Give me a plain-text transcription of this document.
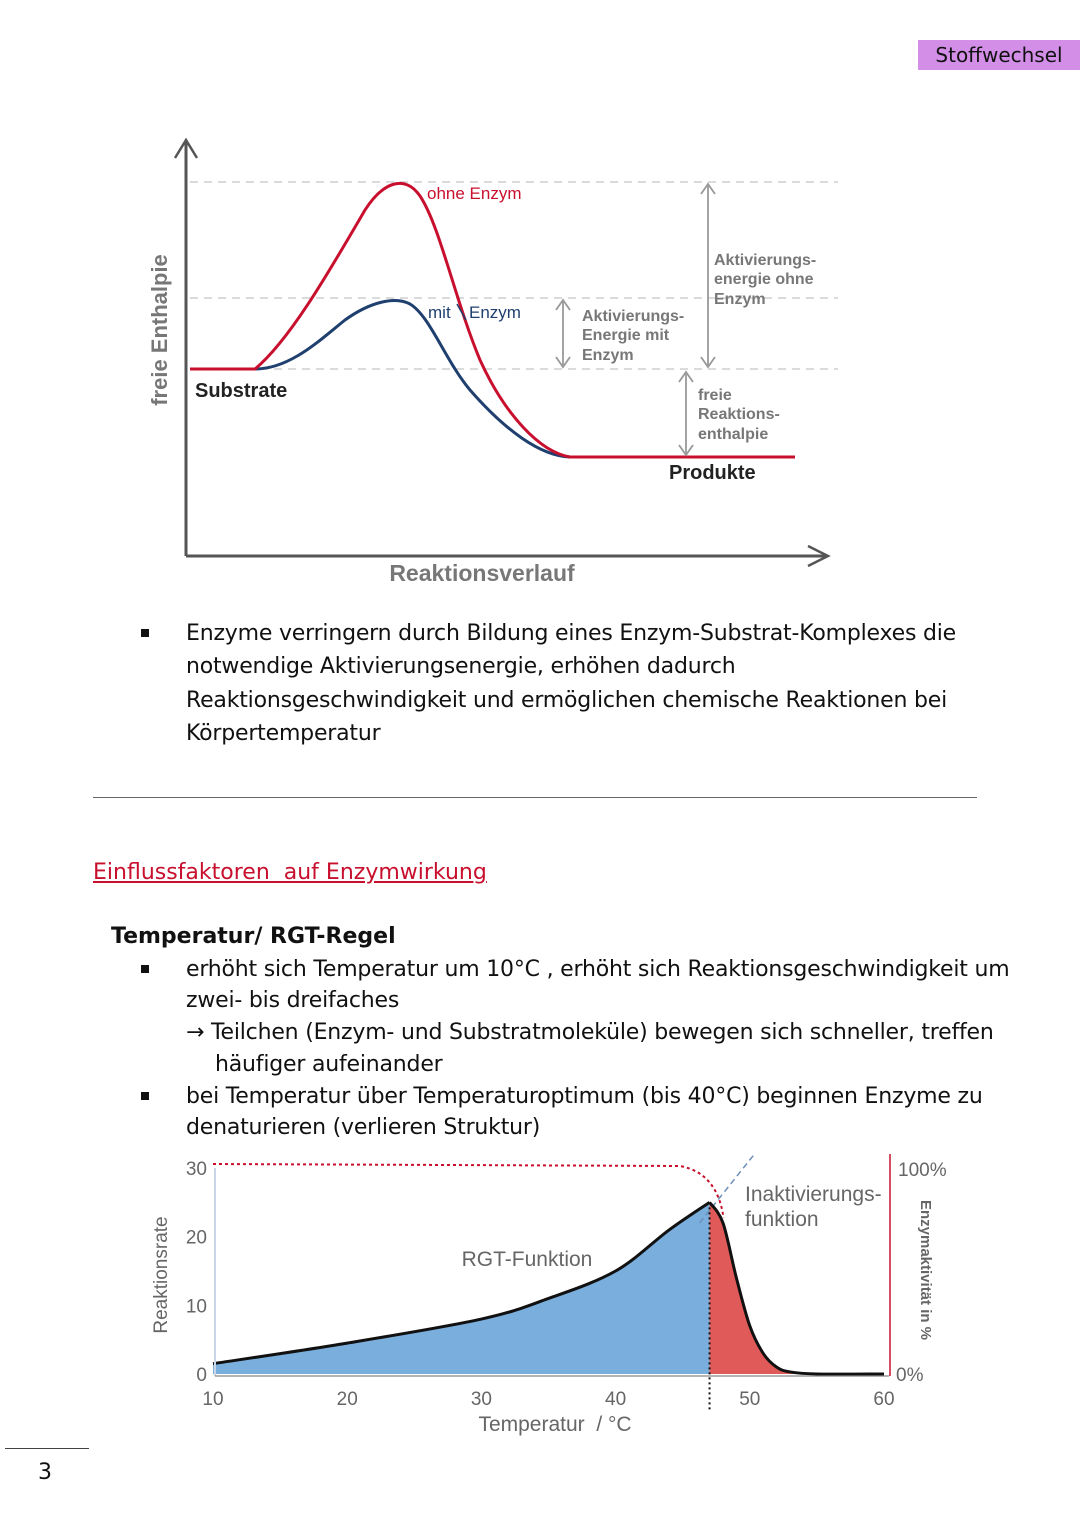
Stoffwechsel
ohne Enzym
mit Enzym
Substrate
Produkte
Aktivierungs-
energie ohne
Enzym
Aktivierungs-
Energie mit
Enzym
freie
Reaktions-
enthalpie
freie Enthalpie
Reaktionsverlauf
Enzyme verringern durch Bildung eines Enzym-Substrat-Komplexes die
notwendige Aktivierungsenergie, erhöhen dadurch
Reaktionsgeschwindigkeit und ermöglichen chemische Reaktionen bei
Körpertemperatur
Einflussfaktoren  auf Enzymwirkung
Temperatur/ RGT-Regel
erhöht sich Temperatur um 10°C , erhöht sich Reaktionsgeschwindigkeit um
zwei- bis dreifaches
→ Teilchen (Enzym- und Substratmoleküle) bewegen sich schneller, treffen
häufiger aufeinander
bei Temperatur über Temperaturoptimum (bis 40°C) beginnen Enzyme zu
denaturieren (verlieren Struktur)
10	20	30	40	50	60
0
10
20
30
Reaktionsrate	Enzymaktivität in %
Temperatur  / °C
RGT-Funktion
Inaktivierungs-
funktion
100%
0%
3
